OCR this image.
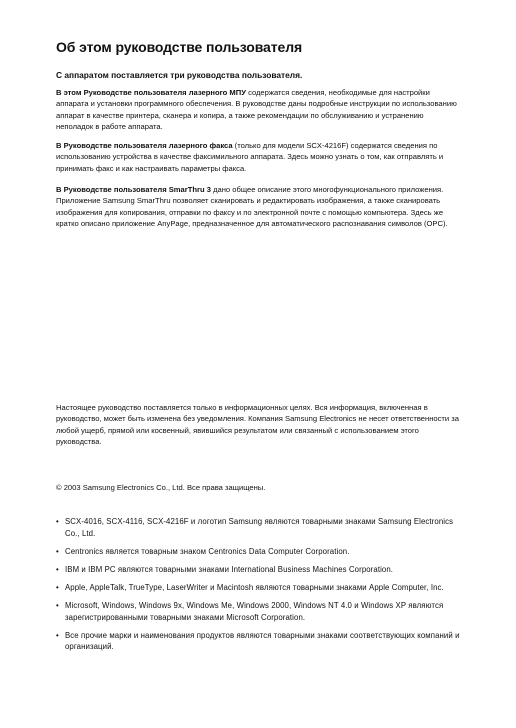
Об этом руководстве пользователя

С аппаратом поставляется три руководства пользователя.

В этом Руководстве пользователя лазерного МПУ содержатся сведения, необходимые для настройки аппарата и установки программного обеспечения. В руководстве даны подробные инструкции по использованию аппарат в качестве принтера, сканера и копира, а также рекомендации по обслуживанию и устранению неполадок в работе аппарата.

В Руководстве пользователя лазерного факса (только для модели SCX-4216F) содержатся сведения по использованию устройства в качестве факсимильного аппарата. Здесь можно узнать о том, как отправлять и принимать факс и как настраивать параметры факса.

В Руководстве пользователя SmarThru 3 дано общее описание этого многофункционального приложения. Приложение Samsung SmarThru позволяет сканировать и редактировать изображения, а также сканировать изображения для копирования, отправки по факсу и по электронной почте с помощью компьютера. Здесь же кратко описано приложение AnyPage, предназначенное для автоматического распознавания символов (OPC).

Настоящее руководство поставляется только в информационных целях. Вся информация, включенная в руководство, может быть изменена без уведомления. Компания Samsung Electronics не несет ответственности за любой ущерб, прямой или косвенный, явившийся результатом или связанный с использованием этого руководства.

© 2003 Samsung Electronics Co., Ltd. Все права защищены.

• SCX-4016, SCX-4116, SCX-4216F и логотип Samsung являются товарными знаками Samsung Electronics Co., Ltd.
• Centronics является товарным знаком Centronics Data Computer Corporation.
• IBM и IBM PC являются товарными знаками International Business Machines Corporation.
• Apple, AppleTalk, TrueType, LaserWriter и Macintosh являются товарными знаками Apple Computer, Inc.
• Microsoft, Windows, Windows 9x, Windows Me, Windows 2000, Windows NT 4.0 и Windows XP являются зарегистрированными товарными знаками Microsoft Corporation.
• Все прочие марки и наименования продуктов являются товарными знаками соответствующих компаний и организаций.
